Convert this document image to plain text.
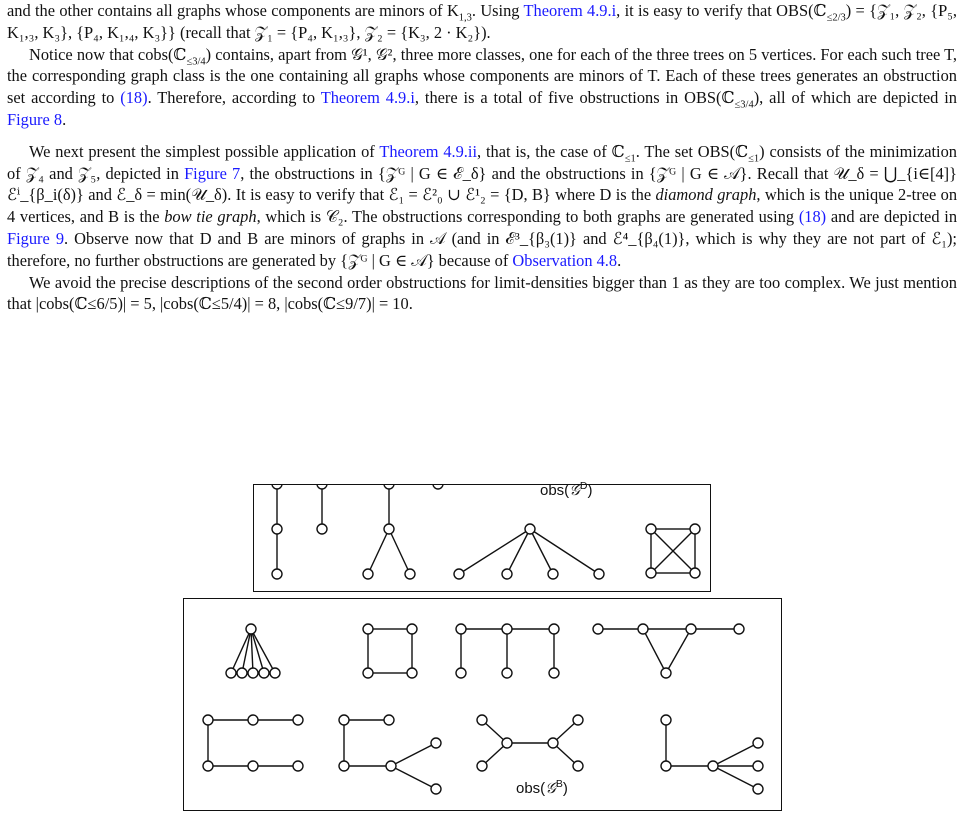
and the other contains all graphs whose components are minors of $K_{1,3}$. Using Theorem 4.9.i, it is easy to verify that OBS(ℂ$_{\le 2/3}$) = {𝒵₁, 𝒵₂, {P₅, K₁,₃, K₃}, {P₄, K₁,₄, K₃}} (recall that 𝒵₁ = {P₄, K₁,₃}, 𝒵₂ = {K₃, 2 · K₂}).

Notice now that cobs(ℂ$_{\le 3/4}$) contains, apart from 𝒢¹, 𝒢², three more classes, one for each of the three trees on 5 vertices. For each such tree T, the corresponding graph class is the one containing all graphs whose components are minors of T. Each of these trees generates an obstruction set according to (18). Therefore, according to Theorem 4.9.i, there is a total of five obstructions in OBS(ℂ$_{\le 3/4}$), all of which are depicted in Figure 8.

We next present the simplest possible application of Theorem 4.9.ii, that is, the case of ℂ$_{\le 1}$. The set OBS(ℂ$_{\le 1}$) consists of the minimization of 𝒵₄ and 𝒵₅, depicted in Figure 7, the obstructions in {𝒵ᴳ | G ∈ ℰ_δ} and the obstructions in {𝒵ᴳ | G ∈ 𝒜}. Recall that 𝒰_δ = ⋃_{i∈[4]} ℰⁱ_{β_i(δ)} and ℰ_δ = min(𝒰_δ). It is easy to verify that ℰ₁ = ℰ²₀ ∪ ℰ¹₂ = {D, B} where D is the diamond graph, which is the unique 2-tree on 4 vertices, and B is the bow tie graph, which is 𝒞₂. The obstructions corresponding to both graphs are generated using (18) and are depicted in Figure 9. Observe now that D and B are minors of graphs in 𝒜 (and in ℰ³_{β₃(1)} and ℰ⁴_{β₄(1)}, which is why they are not part of ℰ₁); therefore, no further obstructions are generated by {𝒵ᴳ | G ∈ 𝒜} because of Observation 4.8.

We avoid the precise descriptions of the second order obstructions for limit-densities bigger than 1 as they are too complex. We just mention that |cobs(ℂ≤6/5)| = 5, |cobs(ℂ≤5/4)| = 8, |cobs(ℂ≤9/7)| = 10.

obs(𝒢$^D$)
obs(𝒢$^B$)
